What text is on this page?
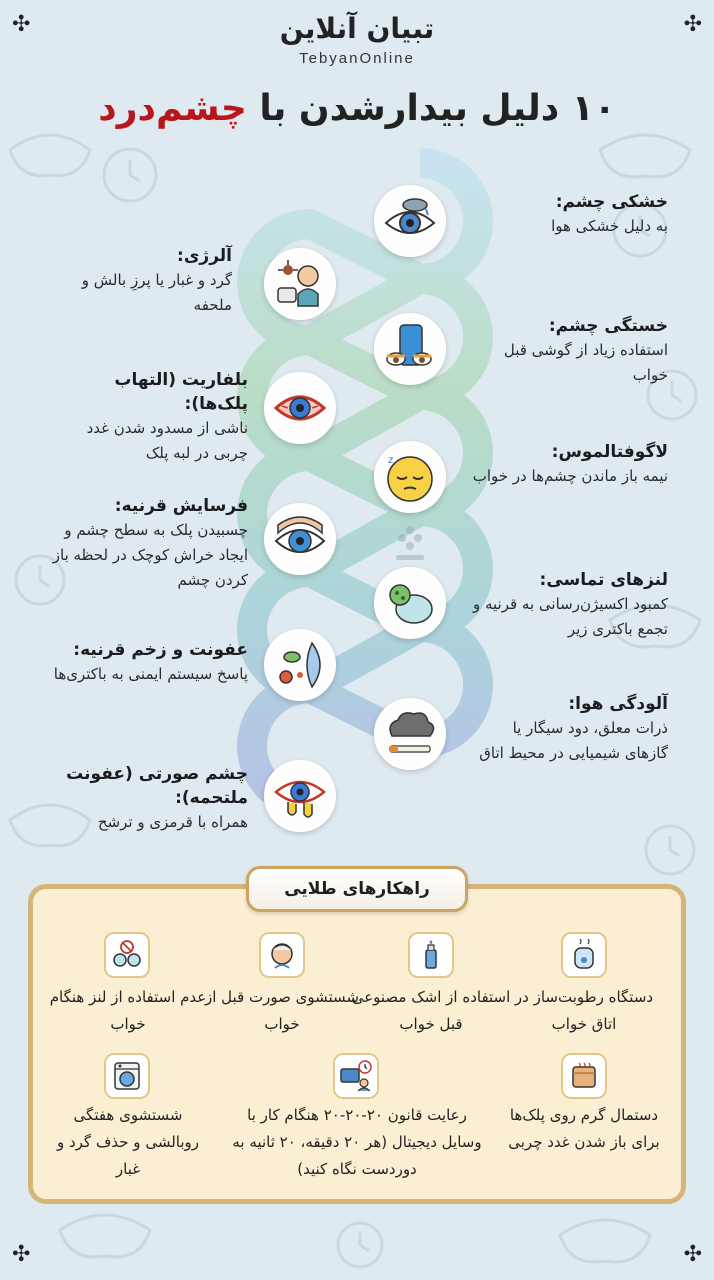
✣	✣
✣	✣
تبیان آنلاین
TebyanOnline
۱۰ دلیل بیدارشدن با چشم‌درد
خشکی چشم:
به دلیل خشکی هوا
آلرژی:
گرد و غبار یا پرزِ بالش و ملحفه
خستگی چشم:
استفاده زیاد از گوشی قبل خواب
بلفاریت (التهاب پلک‌ها):
ناشی از مسدود شدن غدد چربی در لبه پلک	z	لاگوفتالموس:
نیمه باز ماندن چشم‌ها در خواب
فرسایش قرنیه:
چسبیدن پلک به سطح چشم و ایجاد خراش کوچک در لحظه باز کردن چشم	لنزهای تماسی:
کمبود اکسیژن‌رسانی به قرنیه و تجمع باکتری زیر
عفونت و زخم قرنیه:
پاسخ سیستم ایمنی به باکتری‌ها
آلودگی هوا:
ذرات معلق، دود سیگار یا گازهای شیمیایی در محیط اتاق
چشم صورتی (عفونت ملتحمه):
همراه با قرمزی و ترشح
راهکارهای طلایی
دستگاه رطوبت‌ساز در اتاق خواب
استفاده از اشک مصنوعی قبل خواب
شستشوی صورت قبل از خواب
عدم استفاده از لنز هنگام خواب
دستمال گرم روی پلک‌ها برای باز شدن غدد چربی
رعایت قانون ۲۰-۲۰-۲۰ هنگام کار با وسایل دیجیتال (هر ۲۰ دقیقه، ۲۰ ثانیه به دوردست نگاه کنید)
شستشوی هفتگی روبالشی و حذف گرد و غبار
